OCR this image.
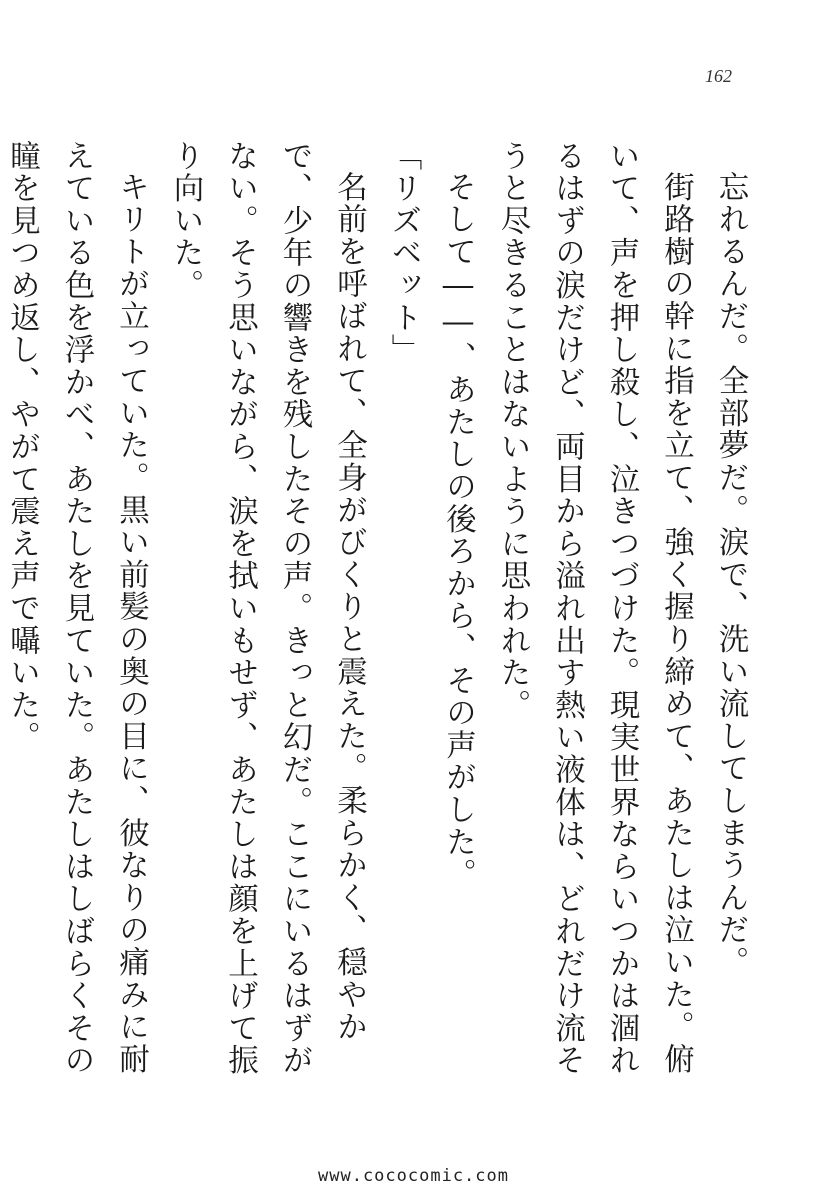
162

忘れるんだ。全部夢だ。涙で、洗い流してしまうんだ。

街路樹の幹に指を立て、強く握り締めて、あたしは泣いた。俯いて、声を押し殺し、泣きつづけた。現実世界ならいつかは涸れるはずの涙だけど、両目から溢れ出す熱い液体は、どれだけ流そうと尽きることはないように思われた。

そして――、あたしの後ろから、その声がした。

「リズベット」

名前を呼ばれて、全身がびくりと震えた。柔らかく、穏やかで、少年の響きを残したその声。きっと幻だ。ここにいるはずがない。そう思いながら、涙を拭いもせず、あたしは顔を上げて振り向いた。

キリトが立っていた。黒い前髪の奥の目に、彼なりの痛みに耐えている色を浮かべ、あたしを見ていた。あたしはしばらくその瞳を見つめ返し、やがて震え声で囁いた。

www.cococomic.com
